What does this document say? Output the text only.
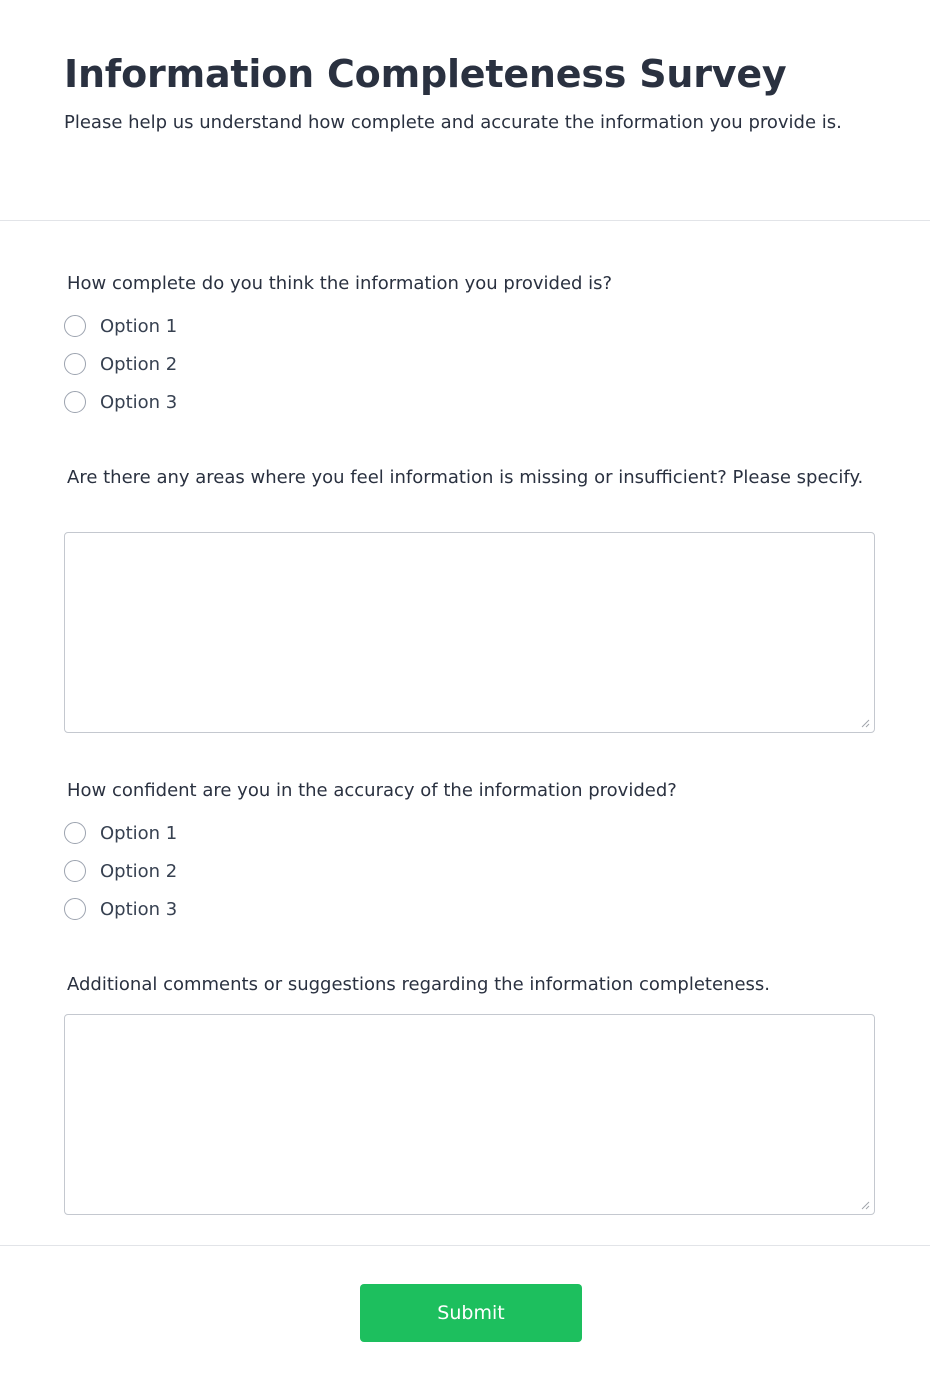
Information Completeness Survey

Please help us understand how complete and accurate the information you provide is.

How complete do you think the information you provided is?

Option 1
Option 2
Option 3

Are there any areas where you feel information is missing or insufficient? Please specify.

How confident are you in the accuracy of the information provided?

Option 1
Option 2
Option 3

Additional comments or suggestions regarding the information completeness.

Submit
